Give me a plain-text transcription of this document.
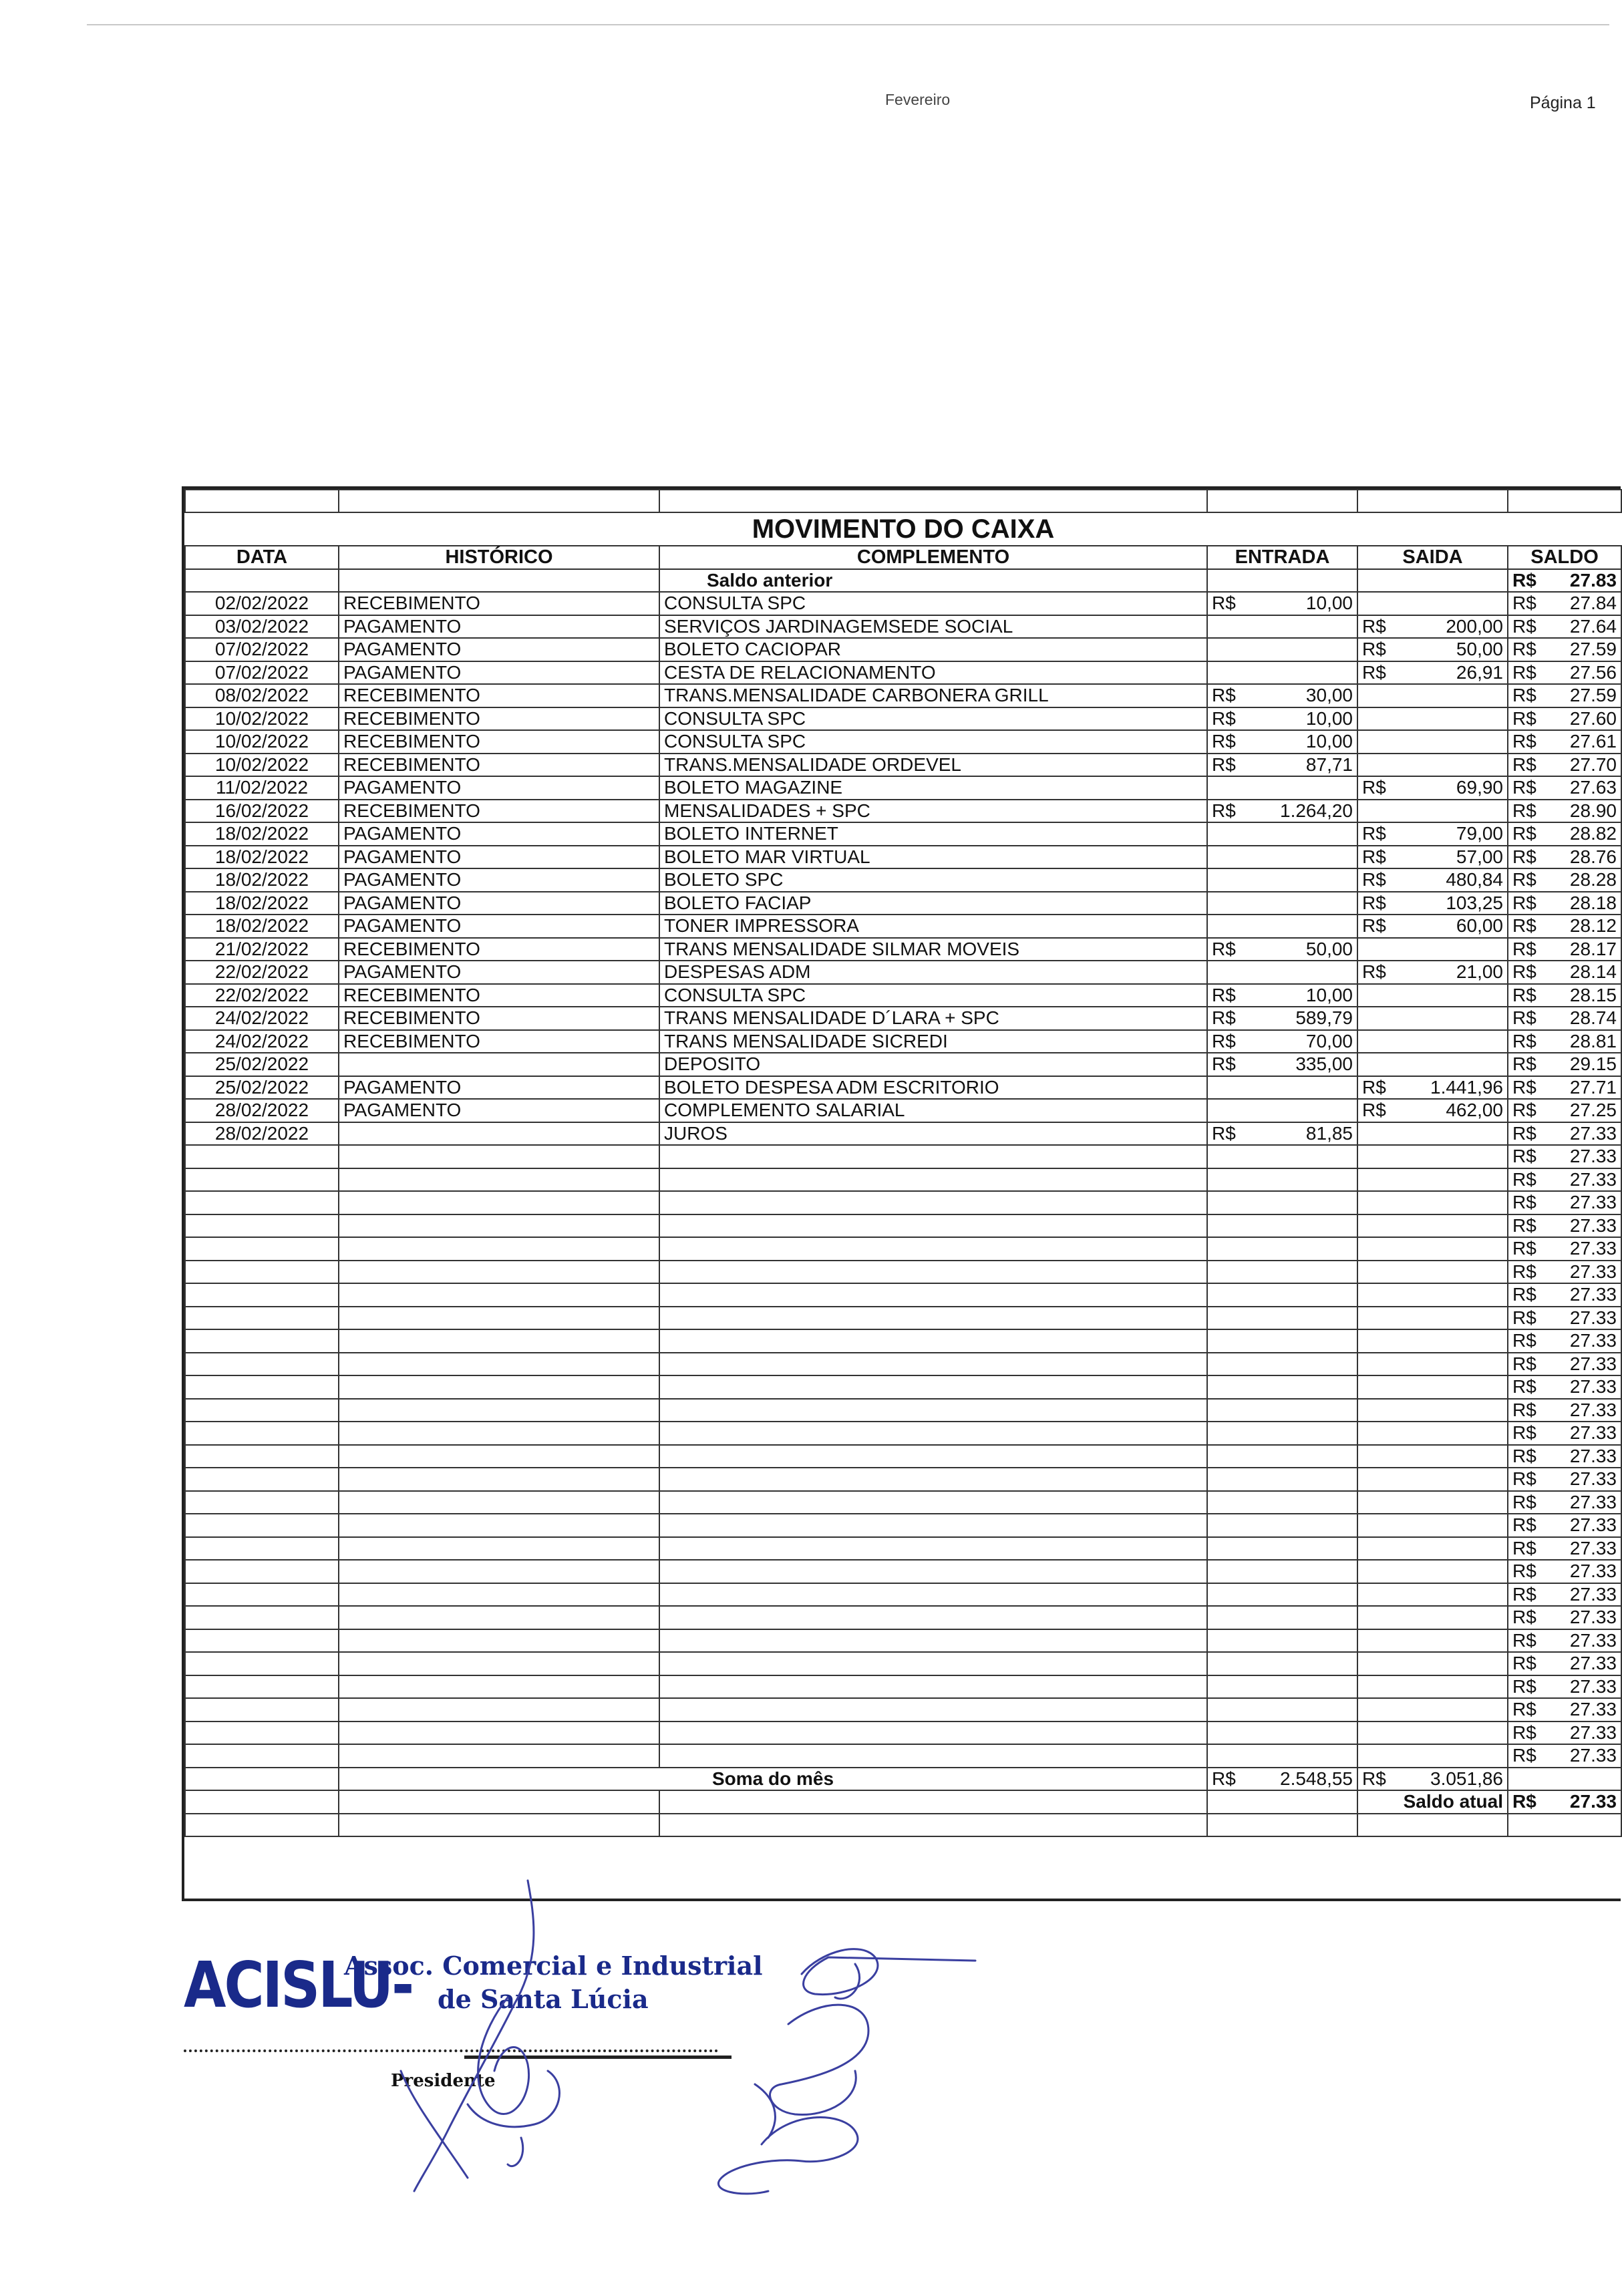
Fevereiro	Página 1

MOVIMENTO DO CAIXA					
DATA	HISTÓRICO	COMPLEMENTO	ENTRADA	SAIDA	SALDO
		Saldo anterior			R$ 27.83

02/02/2022	RECEBIMENTO	CONSULTA SPC	R$ 10,00		R$ 27.84

03/02/2022	PAGAMENTO	SERVIÇOS JARDINAGEMSEDE SOCIAL		R$ 200,00	R$ 27.64

07/02/2022	PAGAMENTO	BOLETO CACIOPAR		R$ 50,00	R$ 27.59

07/02/2022	PAGAMENTO	CESTA DE RELACIONAMENTO		R$ 26,91	R$ 27.56

08/02/2022	RECEBIMENTO	TRANS.MENSALIDADE CARBONERA GRILL	R$ 30,00		R$ 27.59

10/02/2022	RECEBIMENTO	CONSULTA SPC	R$ 10,00		R$ 27.60

10/02/2022	RECEBIMENTO	CONSULTA SPC	R$ 10,00		R$ 27.61

10/02/2022	RECEBIMENTO	TRANS.MENSALIDADE ORDEVEL	R$ 87,71		R$ 27.70

11/02/2022	PAGAMENTO	BOLETO MAGAZINE		R$ 69,90	R$ 27.63

16/02/2022	RECEBIMENTO	MENSALIDADES + SPC	R$ 1.264,20		R$ 28.90

18/02/2022	PAGAMENTO	BOLETO INTERNET		R$ 79,00	R$ 28.82

18/02/2022	PAGAMENTO	BOLETO MAR VIRTUAL		R$ 57,00	R$ 28.76

18/02/2022	PAGAMENTO	BOLETO SPC		R$ 480,84	R$ 28.28

18/02/2022	PAGAMENTO	BOLETO FACIAP		R$ 103,25	R$ 28.18

18/02/2022	PAGAMENTO	TONER IMPRESSORA		R$ 60,00	R$ 28.12

21/02/2022	RECEBIMENTO	TRANS MENSALIDADE SILMAR MOVEIS	R$ 50,00		R$ 28.17

22/02/2022	PAGAMENTO	DESPESAS ADM		R$ 21,00	R$ 28.14

22/02/2022	RECEBIMENTO	CONSULTA SPC	R$ 10,00		R$ 28.15

24/02/2022	RECEBIMENTO	TRANS MENSALIDADE D´LARA + SPC	R$ 589,79		R$ 28.74

24/02/2022	RECEBIMENTO	TRANS MENSALIDADE SICREDI	R$ 70,00		R$ 28.81

25/02/2022		DEPOSITO	R$ 335,00		R$ 29.15

25/02/2022	PAGAMENTO	BOLETO DESPESA ADM ESCRITORIO		R$ 1.441,96	R$ 27.71

28/02/2022	PAGAMENTO	COMPLEMENTO SALARIAL		R$ 462,00	R$ 27.25

28/02/2022		JUROS	R$ 81,85		R$ 27.33

					R$ 27.33

					R$ 27.33

					R$ 27.33

					R$ 27.33

					R$ 27.33

					R$ 27.33

					R$ 27.33

					R$ 27.33

					R$ 27.33

					R$ 27.33

					R$ 27.33

					R$ 27.33

					R$ 27.33

					R$ 27.33

					R$ 27.33

					R$ 27.33

					R$ 27.33

					R$ 27.33

					R$ 27.33

					R$ 27.33

					R$ 27.33

					R$ 27.33

					R$ 27.33

					R$ 27.33

					R$ 27.33

					R$ 27.33

					R$ 27.33

	Soma do mês		R$ 2.548,55	R$ 3.051,86	

				Saldo atual	R$ 27.33

ACISLU-
Assoc. Comercial e Industrial
de Santa Lúcia
Presidente
